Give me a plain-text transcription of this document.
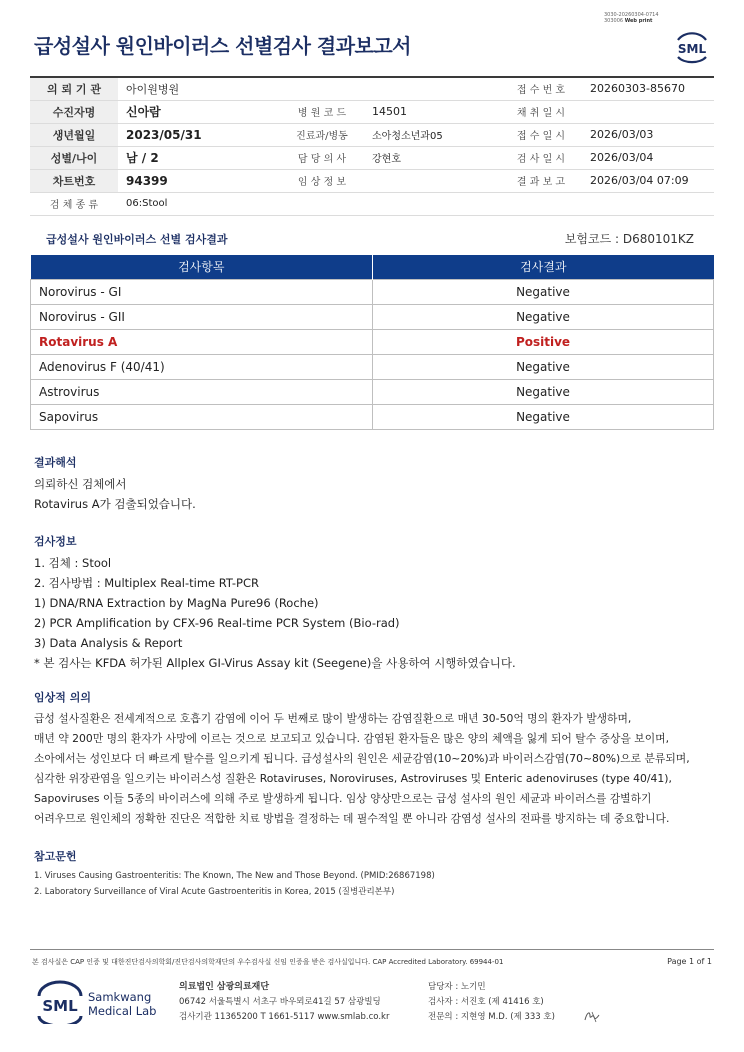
3030-20260304-0714
303006 Web print
급성설사 원인바이러스 선별검사 결과보고서	SML
의 뢰 기 관	아이원병원			접 수 번 호	20260303-85670
수진자명	신아람	병 원 코 드	14501	채 취 일 시	
생년월일	2023/05/31	진료과/병동	소아청소년과05	접 수 일 시	2026/03/03
성별/나이	남 / 2	담 당 의 사	강현호	검 사 일 시	2026/03/04
차트번호	94399	임 상 정 보		결 과 보 고	2026/03/04 07:09
검 체 종 류	06:Stool				
급성설사 원인바이러스 선별 검사결과	보험코드 : D680101KZ
검사항목	검사결과
Norovirus - GI	Negative
Norovirus - GII	Negative
Rotavirus A	Positive
Adenovirus F (40/41)	Negative
Astrovirus	Negative
Sapovirus	Negative
결과해석

의뢰하신 검체에서

Rotavirus A가 검출되었습니다.

검사정보

1. 검체 : Stool

2. 검사방법 : Multiplex Real-time RT-PCR

1) DNA/RNA Extraction by MagNa Pure96 (Roche)

2) PCR Amplification by CFX-96 Real-time PCR System (Bio-rad)

3) Data Analysis & Report

* 본 검사는 KFDA 허가된 Allplex GI-Virus Assay kit (Seegene)을 사용하여 시행하였습니다.

임상적 의의

급성 설사질환은 전세계적으로 호흡기 감염에 이어 두 번째로 많이 발생하는 감염질환으로 매년 30-50억 명의 환자가 발생하며,

매년 약 200만 명의 환자가 사망에 이르는 것으로 보고되고 있습니다. 감염된 환자들은 많은 양의 체액을 잃게 되어 탈수 증상을 보이며,

소아에서는 성인보다 더 빠르게 탈수를 일으키게 됩니다. 급성설사의 원인은 세균감염(10~20%)과 바이러스감염(70~80%)으로 분류되며,

심각한 위장관염을 일으키는 바이러스성 질환은 Rotaviruses, Noroviruses, Astroviruses 및 Enteric adenoviruses (type 40/41),

Sapoviruses 이들 5종의 바이러스에 의해 주로 발생하게 됩니다. 임상 양상만으로는 급성 설사의 원인 세균과 바이러스를 감별하기

어려우므로 원인체의 정확한 진단은 적합한 치료 방법을 결정하는 데 필수적일 뿐 아니라 감염성 설사의 전파를 방지하는 데 중요합니다.

참고문헌

1. Viruses Causing Gastroenteritis: The Known, The New and Those Beyond. (PMID:26867198)

2. Laboratory Surveillance of Viral Acute Gastroenteritis in Korea, 2015 (질병관리본부)

본 검사실은 CAP 인증 및 대한진단검사의학회/진단검사의학재단의 우수검사실 신임 인증을 받은 검사실입니다. CAP Accredited Laboratory. 69944-01	Page 1 of 1
SML Samkwang
Medical Lab
의료법인 삼광의료재단
06742 서울특별시 서초구 바우뫼로41길 57 삼광빌딩
검사기관 11365200 T 1661-5117 www.smlab.co.kr
담당자 : 노기민
검사자 : 서진호 (제 41416 호)
전문의 : 지현영 M.D. (제 333 호)
